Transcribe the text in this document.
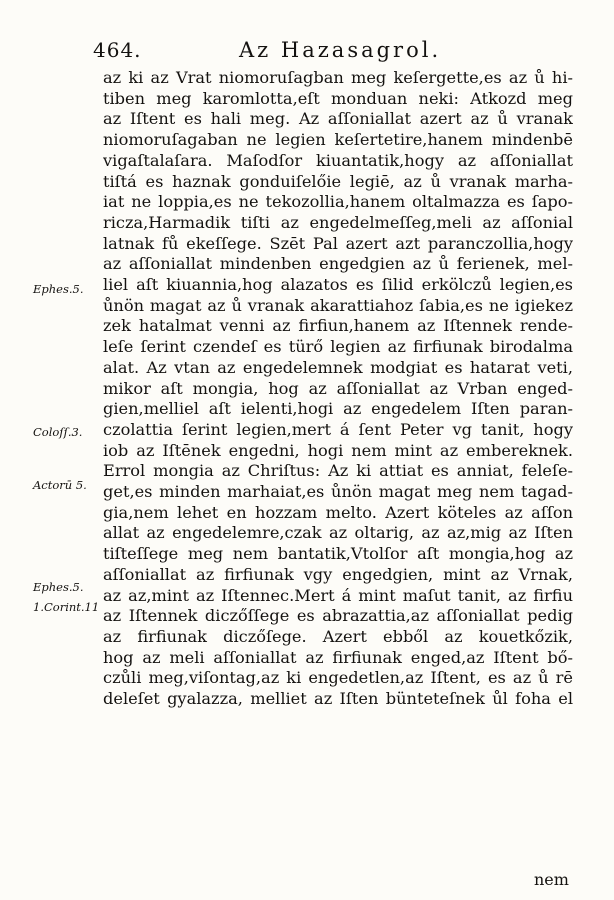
464.	Az Hazasagrol.
az ki az Vrat niomoruſagban meg keſergette,es az ů hi-
tiben meg karomlotta,eſt monduan neki: Atkozd meg
az Iſtent es hali meg. Az aſſoniallat azert az ů vranak
niomoruſagaban ne legien keſertetire,hanem mindenbē
vigaſtalaſara. Maſodſor kiuantatik,hogy az aſſoniallat
tiſtá es haznak gonduiſelőie legiē, az ů vranak marha-
iat ne loppia,es ne tekozollia,hanem oltalmazza es ſapo-
ricza,Harmadik tiſti az engedelmeſſeg,meli az aſſonial
latnak fů ekeſſege. Szēt Pal azert azt paranczollia,hogy
az aſſoniallat mindenben engedgien az ů ferienek, mel-
liel aſt kiuannia,hog alazatos es ſilid erkölczů legien,es
ůnön magat az ů vranak akarattiahoz ſabia,es ne igiekez
zek hatalmat venni az firfiun,hanem az Iſtennek rende-
leſe ſerint czendeſ es türő legien az firfiunak birodalma
alat. Az vtan az engedelemnek modgiat es hatarat veti,
mikor aſt mongia, hog az aſſoniallat az Vrban enged-
gien,melliel aſt ielenti,hogi az engedelem Iſten paran-
czolattia ſerint legien,mert á ſent Peter vg tanit, hogy
iob az Iſtēnek engedni, hogi nem mint az embereknek.
Errol mongia az Chriſtus: Az ki attiat es anniat, feleſe-
get,es minden marhaiat,es ůnön magat meg nem tagad-
gia,nem lehet en hozzam melto. Azert köteles az aſſon
allat az engedelemre,czak az oltarig, az az,mig az Iſten
tiſteſſege meg nem bantatik,Vtolſor aſt mongia,hog az
aſſoniallat az firfiunak vgy engedgien, mint az Vrnak,
az az,mint az Iſtennec.Mert á mint maſut tanit, az firfiu
az Iſtennek diczőſſege es abrazattia,az aſſoniallat pedig
az firfiunak diczőſege. Azert ebből az kouetkőzik,
hog az meli aſſoniallat az firfiunak enged,az Iſtent bő-
czůli meg,viſontag,az ki engedetlen,az Iſtent, es az ů rē
deleſet gyalazza, melliet az Iſten bünteteſnek ůl foha el
Ephes.5.
Coloſſ.3.
Actorū 5.
Ephes.5.
1.Corint.11
nem
